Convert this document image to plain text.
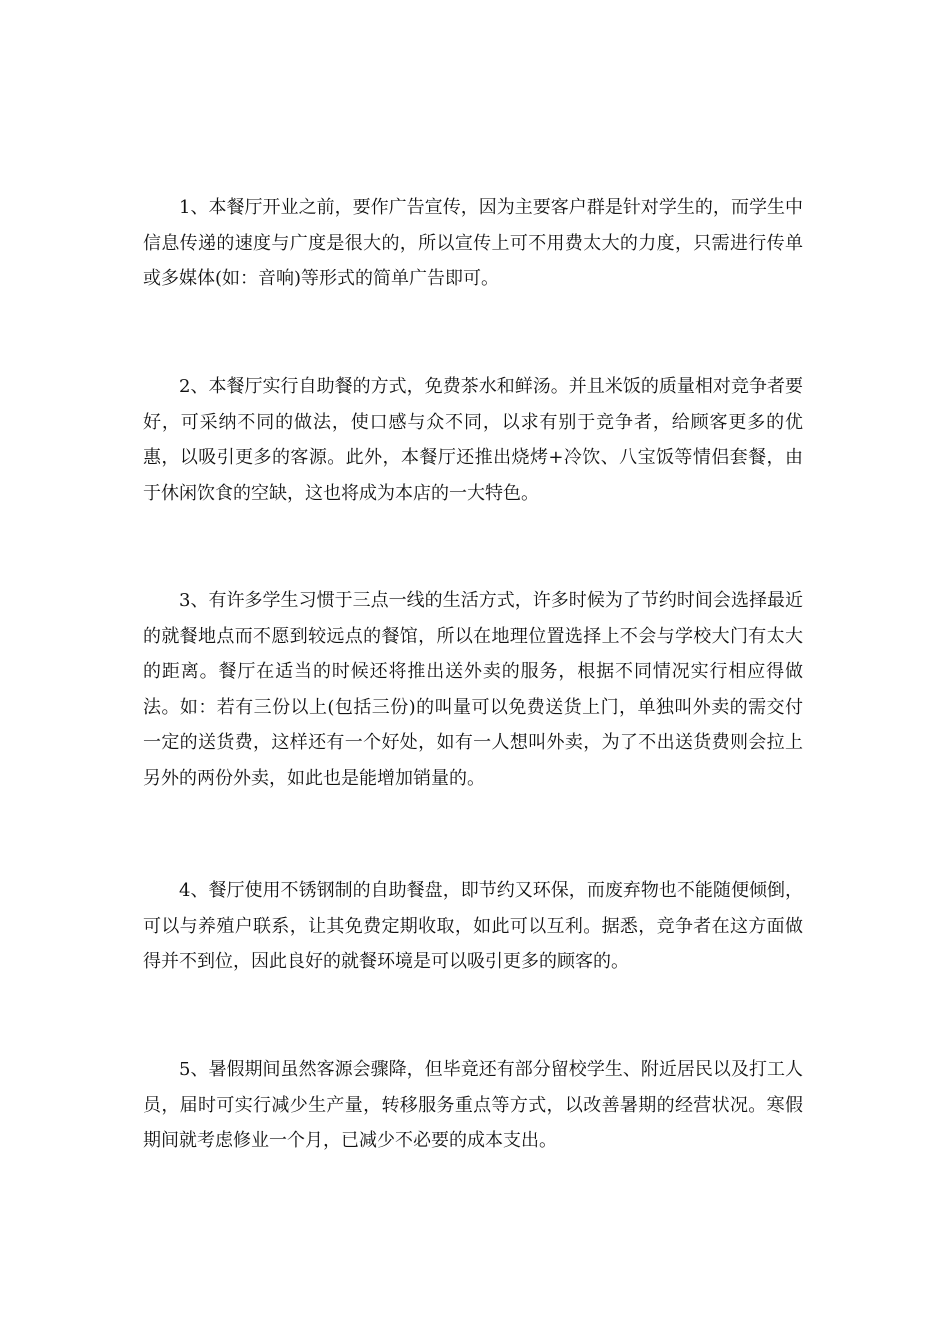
1、本餐厅开业之前，要作广告宣传，因为主要客户群是针对学生的，而学生中信息传递的速度与广度是很大的，所以宣传上可不用费太大的力度，只需进行传单或多媒体(如：音响)等形式的简单广告即可。

2、本餐厅实行自助餐的方式，免费茶水和鲜汤。并且米饭的质量相对竞争者要好，可采纳不同的做法，使口感与众不同，以求有别于竞争者，给顾客更多的优惠，以吸引更多的客源。此外，本餐厅还推出烧烤+冷饮、八宝饭等情侣套餐，由于休闲饮食的空缺，这也将成为本店的一大特色。

3、有许多学生习惯于三点一线的生活方式，许多时候为了节约时间会选择最近的就餐地点而不愿到较远点的餐馆，所以在地理位置选择上不会与学校大门有太大的距离。餐厅在适当的时候还将推出送外卖的服务，根据不同情况实行相应得做法。如：若有三份以上(包括三份)的叫量可以免费送货上门，单独叫外卖的需交付一定的送货费，这样还有一个好处，如有一人想叫外卖，为了不出送货费则会拉上另外的两份外卖，如此也是能增加销量的。

4、餐厅使用不锈钢制的自助餐盘，即节约又环保，而废弃物也不能随便倾倒，可以与养殖户联系，让其免费定期收取，如此可以互利。据悉，竞争者在这方面做得并不到位，因此良好的就餐环境是可以吸引更多的顾客的。

5、暑假期间虽然客源会骤降，但毕竟还有部分留校学生、附近居民以及打工人员，届时可实行减少生产量，转移服务重点等方式，以改善暑期的经营状况。寒假期间就考虑修业一个月，已减少不必要的成本支出。
